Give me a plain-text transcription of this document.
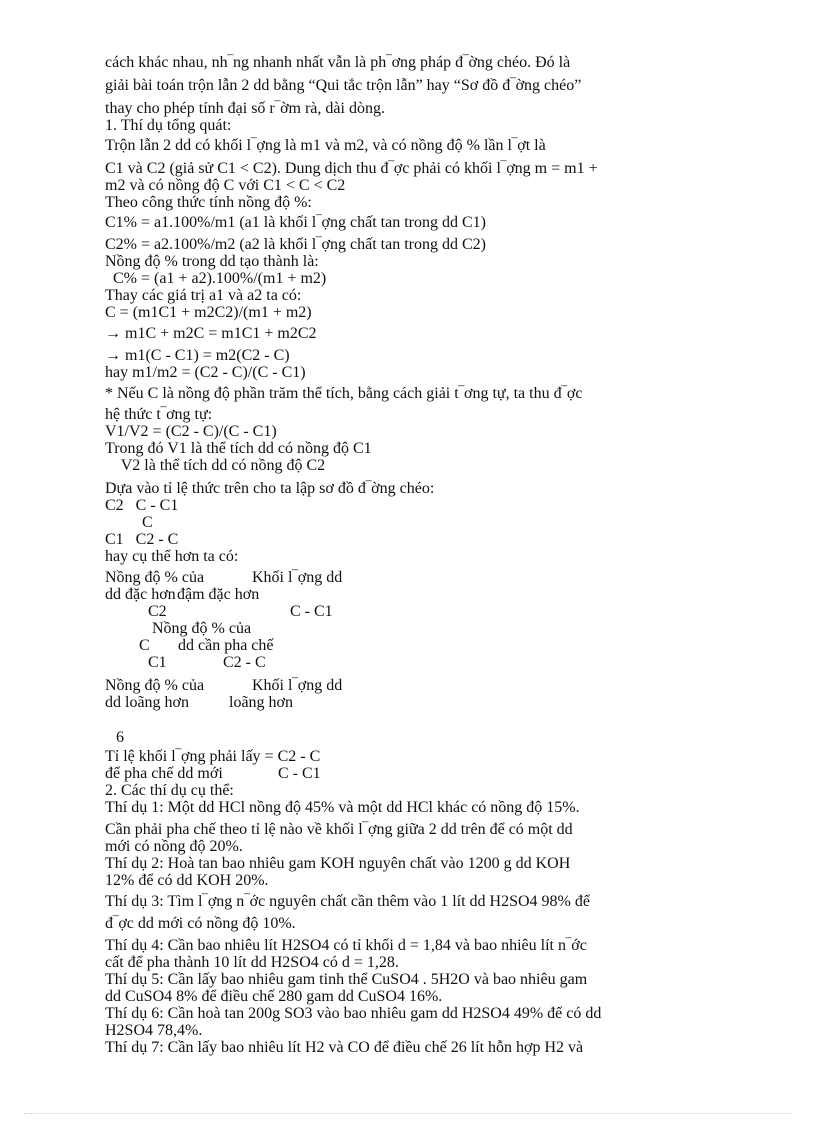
cách khác nhau, nh‾ng nhanh nhất vẫn là ph‾ơng pháp đ‾ờng chéo. Đó là
giải bài toán trộn lẫn 2 dd bằng “Qui tắc trộn lẫn” hay “Sơ đồ đ‾ờng chéo”
thay cho phép tính đại số r‾ờm rà, dài dòng.
1. Thí dụ tổng quát:
Trộn lẫn 2 dd có khối l‾ợng là m1 và m2, và có nồng độ % lần l‾ợt là
C1 và C2 (giả sử C1 < C2). Dung dịch thu đ‾ợc phải có khối l‾ợng m = m1 +
m2 và có nồng độ C với C1 < C < C2
Theo công thức tính nồng độ %:
C1% = a1.100%/m1 (a1 là khối l‾ợng chất tan trong dd C1)
C2% = a2.100%/m2 (a2 là khối l‾ợng chất tan trong dd C2)
Nồng độ % trong dd tạo thành là:
C% = (a1 + a2).100%/(m1 + m2)
Thay các giá trị a1 và a2 ta có:
C = (m1C1 + m2C2)/(m1 + m2)
→ m1C + m2C = m1C1 + m2C2
→ m1(C - C1) = m2(C2 - C)
hay m1/m2 = (C2 - C)/(C - C1)
* Nếu C là nồng độ phần trăm thể tích, bằng cách giải t‾ơng tự, ta thu đ‾ợc
hệ thức t‾ơng tự:
V1/V2 = (C2 - C)/(C - C1)
Trong đó V1 là thể tích dd có nồng độ C1
V2 là thể tích dd có nồng độ C2
Dựa vào tỉ lệ thức trên cho ta lập sơ đồ đ‾ờng chéo:
C2   C - C1
C
C1   C2 - C
hay cụ thể hơn ta có:
Nồng độ % của	Khối l‾ợng dd
dd đặc hơn đậm đặc hơn
C2	C - C1
Nồng độ % của
C dd cần pha chế
C1	C2 - C
Nồng độ % của	Khối l‾ợng dd
dd loãng hơn loãng hơn
6
Tỉ lệ khối l‾ợng phải lấy = C2 - C
để pha chế dd mới	C - C1
2. Các thí dụ cụ thể:
Thí dụ 1: Một dd HCl nồng độ 45% và một dd HCl khác có nồng độ 15%.
Cần phải pha chế theo tỉ lệ nào về khối l‾ợng giữa 2 dd trên để có một dd
mới có nồng độ 20%.
Thí dụ 2: Hoà tan bao nhiêu gam KOH nguyên chất vào 1200 g dd KOH
12% để có dd KOH 20%.
Thí dụ 3: Tìm l‾ợng n‾ớc nguyên chất cần thêm vào 1 lít dd H2SO4 98% để
đ‾ợc dd mới có nồng độ 10%.
Thí dụ 4: Cần bao nhiêu lít H2SO4 có tỉ khối d = 1,84 và bao nhiêu lít n‾ớc
cất để pha thành 10 lít dd H2SO4 có d = 1,28.
Thí dụ 5: Cần lấy bao nhiêu gam tinh thể CuSO4 . 5H2O và bao nhiêu gam
dd CuSO4 8% để điều chế 280 gam dd CuSO4 16%.
Thí dụ 6: Cần hoà tan 200g SO3 vào bao nhiêu gam dd H2SO4 49% để có dd
H2SO4 78,4%.
Thí dụ 7: Cần lấy bao nhiêu lít H2 và CO để điều chế 26 lít hỗn hợp H2 và
